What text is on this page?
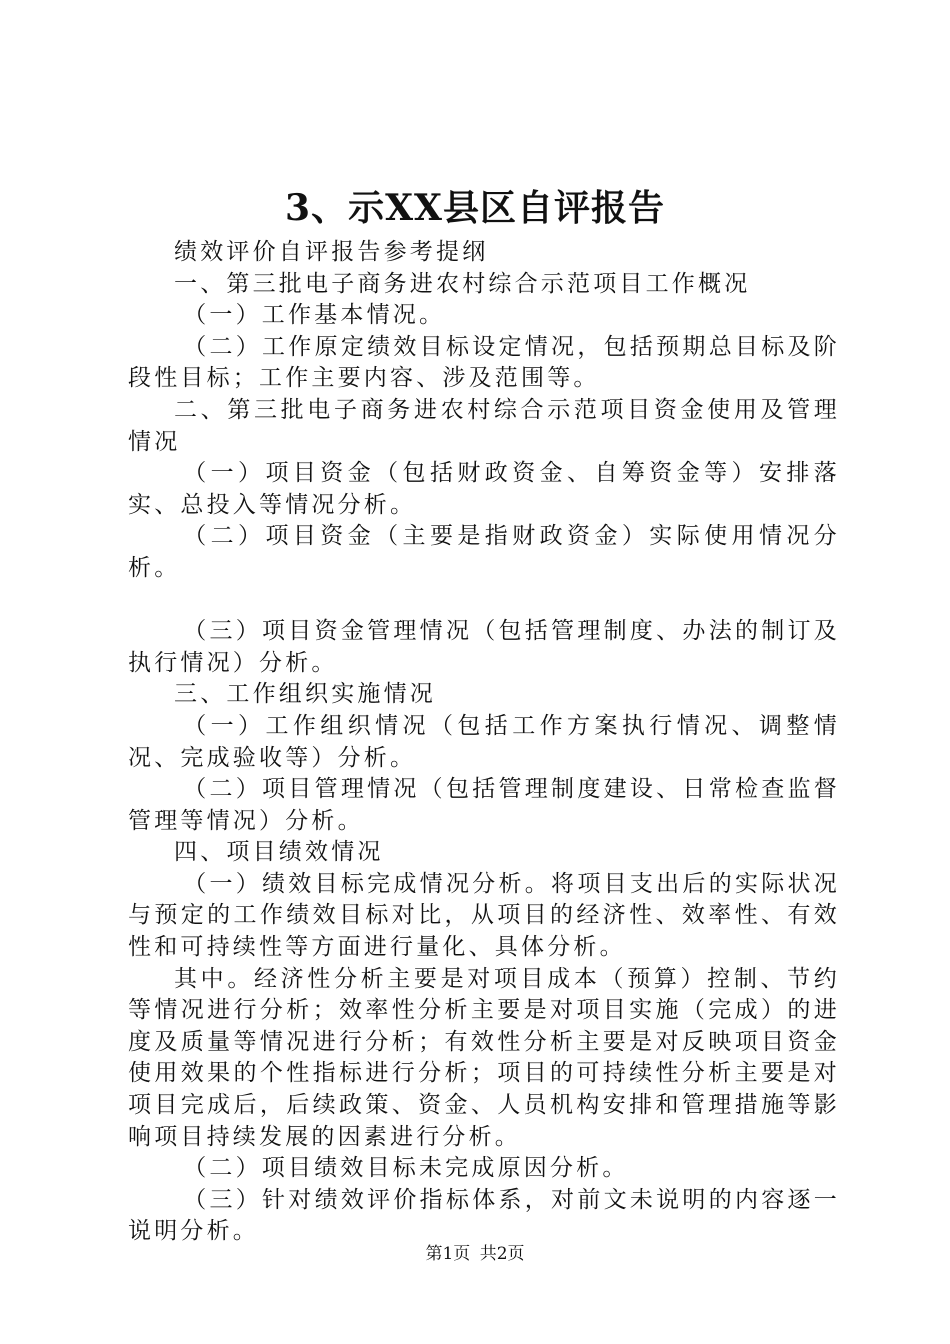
3、示XX县区自评报告

绩效评价自评报告参考提纲

一、第三批电子商务进农村综合示范项目工作概况

（一）工作基本情况。

（二）工作原定绩效目标设定情况，包括预期总目标及阶段性目标；工作主要内容、涉及范围等。

二、第三批电子商务进农村综合示范项目资金使用及管理情况

（一）项目资金（包括财政资金、自筹资金等）安排落实、总投入等情况分析。

（二）项目资金（主要是指财政资金）实际使用情况分析。

（三）项目资金管理情况（包括管理制度、办法的制订及执行情况）分析。

三、工作组织实施情况

（一）工作组织情况（包括工作方案执行情况、调整情况、完成验收等）分析。

（二）项目管理情况（包括管理制度建设、日常检查监督管理等情况）分析。

四、项目绩效情况

（一）绩效目标完成情况分析。将项目支出后的实际状况与预定的工作绩效目标对比，从项目的经济性、效率性、有效性和可持续性等方面进行量化、具体分析。

其中。经济性分析主要是对项目成本（预算）控制、节约等情况进行分析；效率性分析主要是对项目实施（完成）的进度及质量等情况进行分析；有效性分析主要是对反映项目资金使用效果的个性指标进行分析；项目的可持续性分析主要是对项目完成后，后续政策、资金、人员机构安排和管理措施等影响项目持续发展的因素进行分析。

（二）项目绩效目标未完成原因分析。

（三）针对绩效评价指标体系，对前文未说明的内容逐一说明分析。

第1页 共2页
